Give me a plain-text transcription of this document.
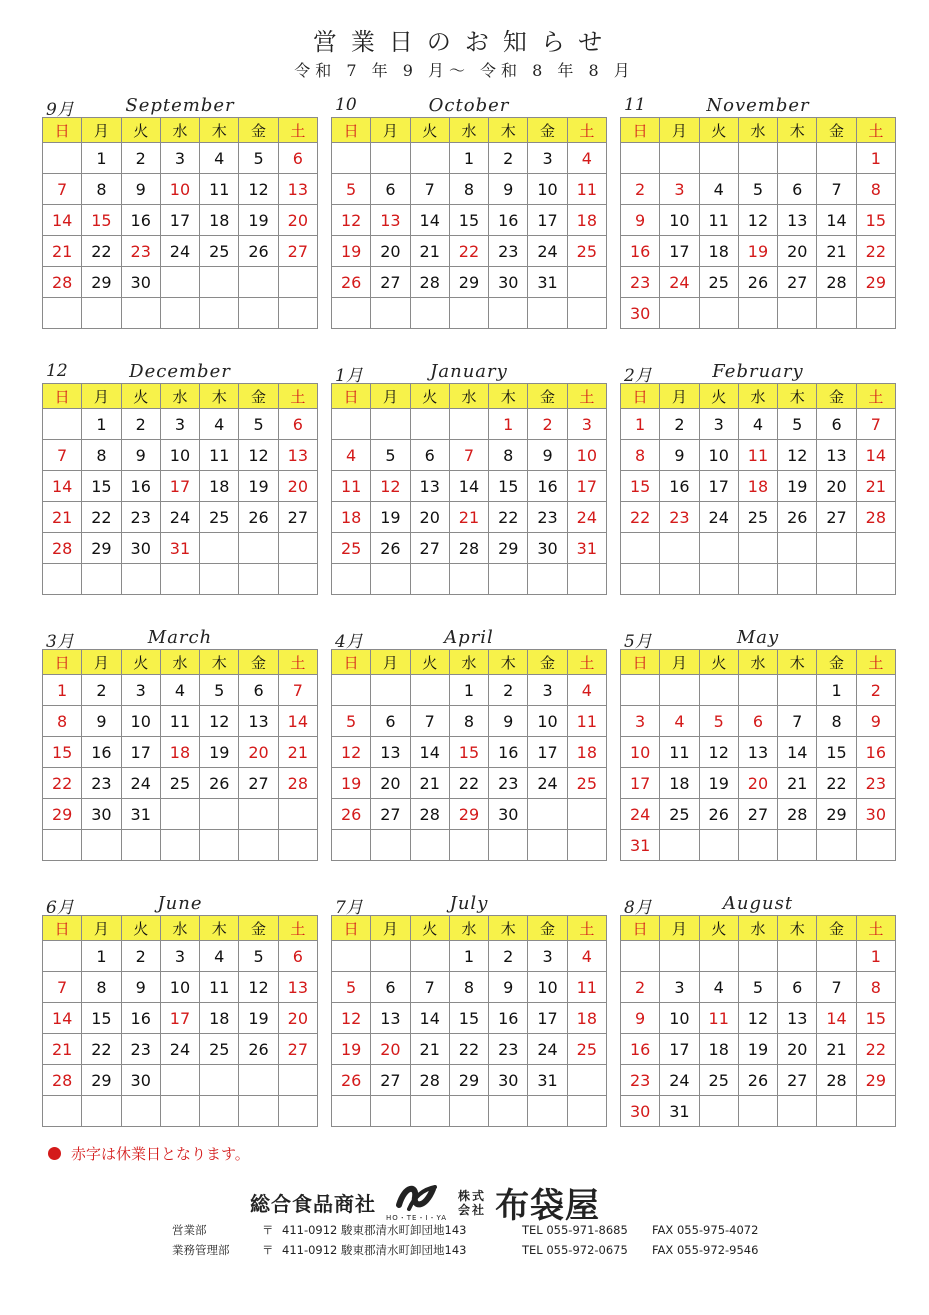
営業日のお知らせ
令和 7 年 9 月〜 令和 8 年 8 月
September
9月
日	月	火	水	木	金	土
	1	2	3	4	5	6
7	8	9	10	11	12	13
14	15	16	17	18	19	20
21	22	23	24	25	26	27
28	29	30				

October
10
日	月	火	水	木	金	土
			1	2	3	4
5	6	7	8	9	10	11
12	13	14	15	16	17	18
19	20	21	22	23	24	25
26	27	28	29	30	31	

November
11
日	月	火	水	木	金	土
						1
2	3	4	5	6	7	8
9	10	11	12	13	14	15
16	17	18	19	20	21	22
23	24	25	26	27	28	29
30						
December
12
日	月	火	水	木	金	土
	1	2	3	4	5	6
7	8	9	10	11	12	13
14	15	16	17	18	19	20
21	22	23	24	25	26	27
28	29	30	31			

January
1月
日	月	火	水	木	金	土
				1	2	3
4	5	6	7	8	9	10
11	12	13	14	15	16	17
18	19	20	21	22	23	24
25	26	27	28	29	30	31

February
2月
日	月	火	水	木	金	土
1	2	3	4	5	6	7
8	9	10	11	12	13	14
15	16	17	18	19	20	21
22	23	24	25	26	27	28

March
3月
日	月	火	水	木	金	土
1	2	3	4	5	6	7
8	9	10	11	12	13	14
15	16	17	18	19	20	21
22	23	24	25	26	27	28
29	30	31				

April
4月
日	月	火	水	木	金	土
			1	2	3	4
5	6	7	8	9	10	11
12	13	14	15	16	17	18
19	20	21	22	23	24	25
26	27	28	29	30		

May
5月
日	月	火	水	木	金	土
					1	2
3	4	5	6	7	8	9
10	11	12	13	14	15	16
17	18	19	20	21	22	23
24	25	26	27	28	29	30
31						
June
6月
日	月	火	水	木	金	土
	1	2	3	4	5	6
7	8	9	10	11	12	13
14	15	16	17	18	19	20
21	22	23	24	25	26	27
28	29	30				

July
7月
日	月	火	水	木	金	土
			1	2	3	4
5	6	7	8	9	10	11
12	13	14	15	16	17	18
19	20	21	22	23	24	25
26	27	28	29	30	31	

August
8月
日	月	火	水	木	金	土
						1
2	3	4	5	6	7	8
9	10	11	12	13	14	15
16	17	18	19	20	21	22
23	24	25	26	27	28	29
30	31					
赤字は休業日となります。
総合食品商社
HO・TE・I・YA
株 式
会 社 布袋屋
営業部	〒 411-0912 駿東郡清水町卸団地143	TEL 055-971-8685	FAX 055-975-4072
業務管理部	〒 411-0912 駿東郡清水町卸団地143	TEL 055-972-0675	FAX 055-972-9546
